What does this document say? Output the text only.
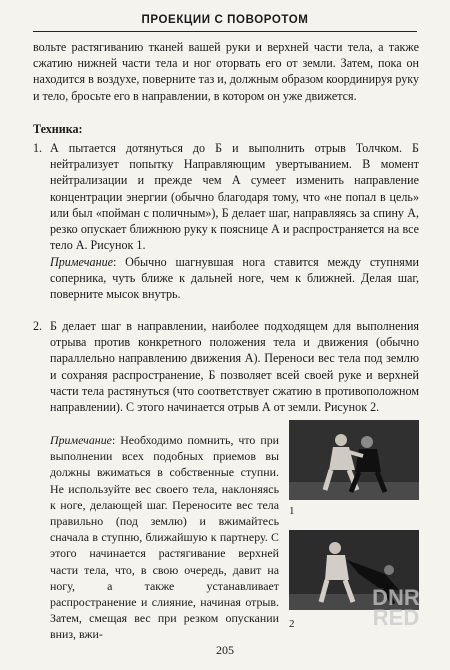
ПРОЕКЦИИ С ПОВОРОТОМ

вольте растягиванию тканей вашей руки и верхней части тела, а также сжатию нижней части тела и ног оторвать его от земли. Затем, пока он находится в воздухе, поверните таз и, должным образом координируя руку и тело, бросьте его в направлении, в котором он уже движется.

Техника:

1. А пытается дотянуться до Б и выполнить отрыв Толчком. Б нейтрализует попытку Направляющим увертыванием. В момент нейтрализации и прежде чем А сумеет изменить направление концентрации энергии (обычно благодаря тому, что «не попал в цель» или был «пойман с поличным»), Б делает шаг, направляясь за спину А, резко опускает ближнюю руку к пояснице А и распространяется на все тело А. Рисунок 1.

Примечание: Обычно шагнувшая нога ставится между ступнями соперника, чуть ближе к дальней ноге, чем к ближней. Делая шаг, поверните мысок внутрь.

2. Б делает шаг в направлении, наиболее подходящем для выполнения отрыва против конкретного положения тела и движения (обычно параллельно направлению движения А). Переноси вес тела под землю и сохраняя распространение, Б позволяет всей своей руке и верхней части тела растянуться (что соответствует сжатию в противоположном направлении). С этого начинается отрыв А от земли. Рисунок 2.

Примечание: Необходимо помнить, что при выполнении всех подобных приемов вы должны вжиматься в собственные ступни. Не используйте вес своего тела, наклоняясь к ноге, делающей шаг. Переносите вес тела правильно (под землю) и вжимайтесь сначала в ступню, ближайшую к партнеру. С этого начинается растягивание верхней части тела, что, в свою очередь, давит на ногу, а также устанавливает распространение и слияние, начиная отрыв. Затем, смещая вес при резком опускании вниз, вжи-

1
2
DNR
RED
205
